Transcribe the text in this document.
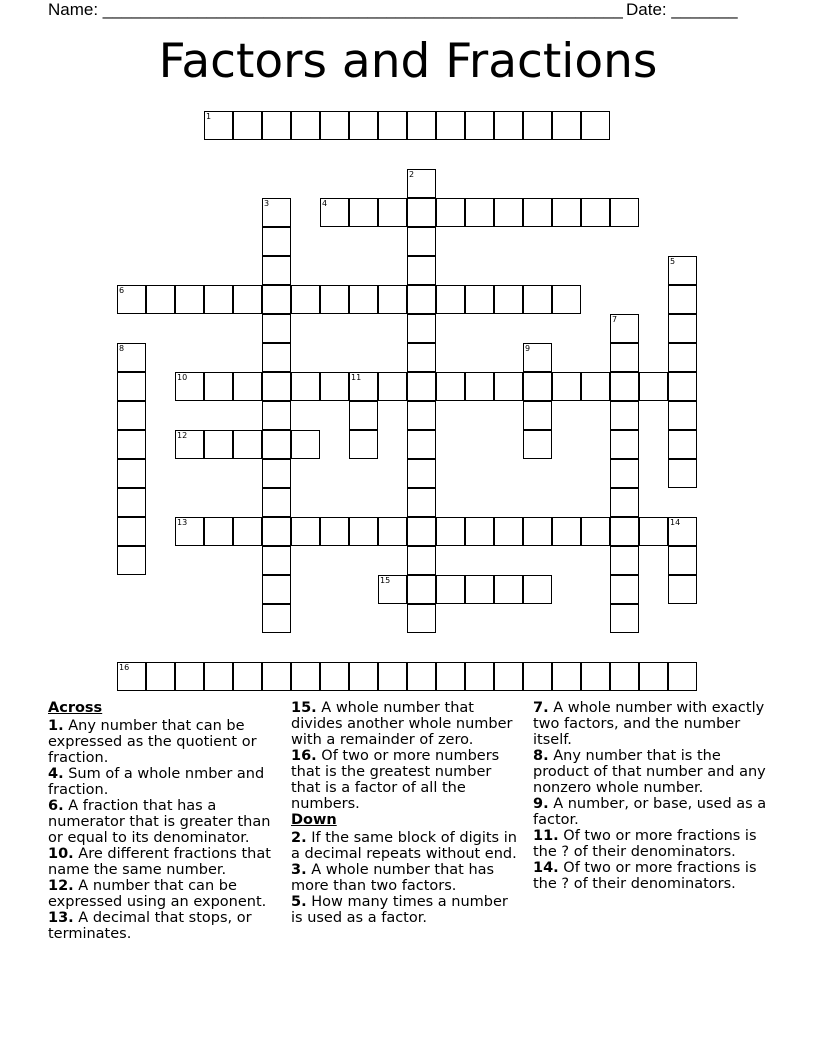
Name: _______________________________________________________ Date: _______
Factors and Fractions
1
2
3	4
5
6
7
8	9
10	11
12
13	14
15
16
Across
1. Any number that can be expressed as the quotient or fraction.
4. Sum of a whole nmber and fraction.
6. A fraction that has a numerator that is greater than or equal to its denominator.
10. Are different fractions that name the same number.
12. A number that can be expressed using an exponent.
13. A decimal that stops, or terminates.
15. A whole number that divides another whole number with a remainder of zero.
16. Of two or more numbers that is the greatest number that is a factor of all the numbers.
Down
2. If the same block of digits in a decimal repeats without end.
3. A whole number that has more than two factors.
5. How many times a number is used as a factor.
7. A whole number with exactly two factors, and the number itself.
8. Any number that is the product of that number and any nonzero whole number.
9. A number, or base, used as a factor.
11. Of two or more fractions is the ? of their denominators.
14. Of two or more fractions is the ? of their denominators.
